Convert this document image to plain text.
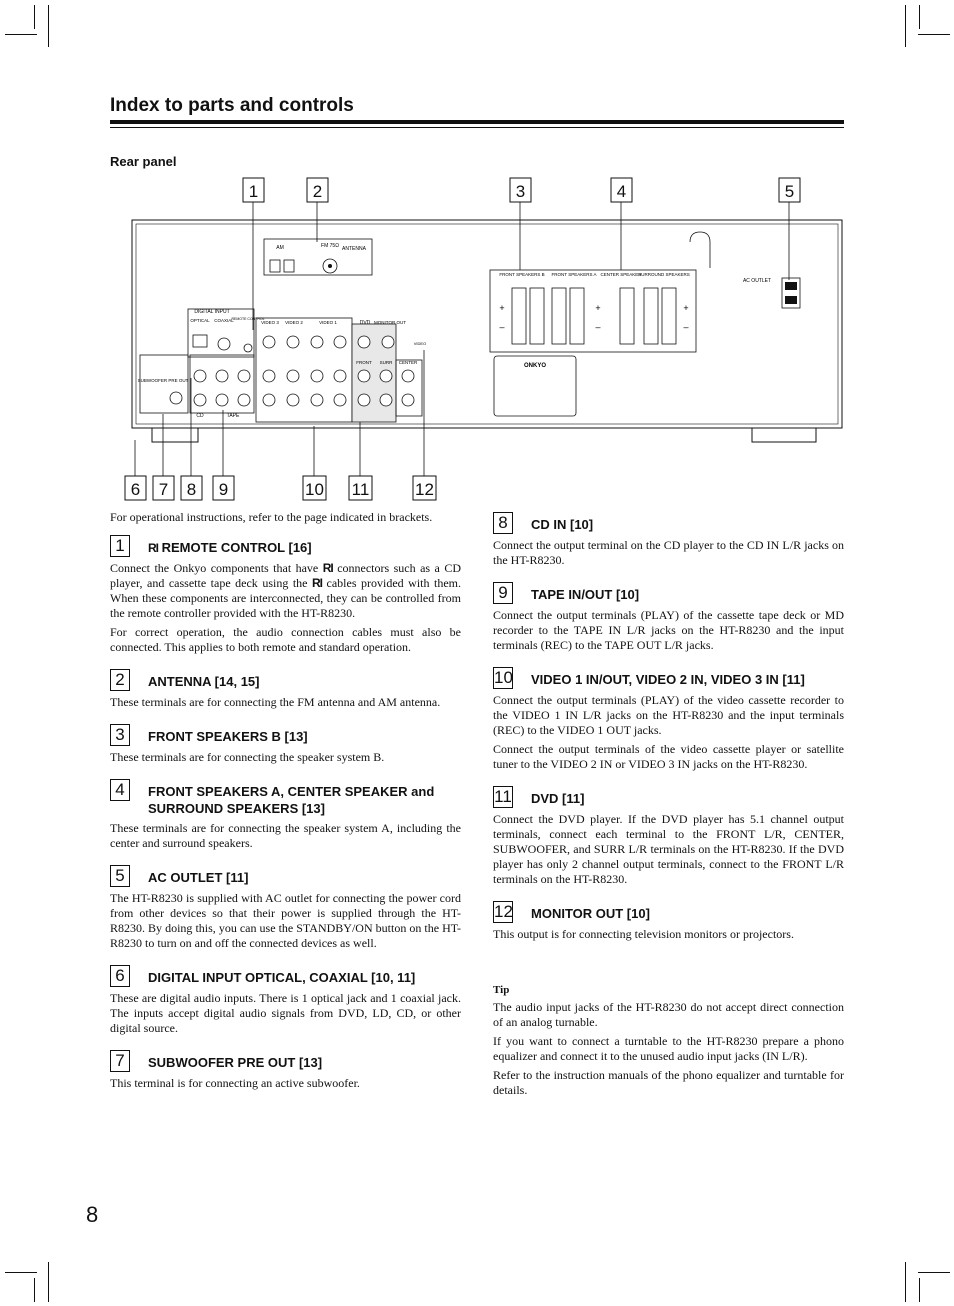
Index to parts and controls
Rear panel
1	2	3	4	5
6 7 8 9	10 11	12
AM	FM 75Ω ANTENNA
DIGITAL INPUT
OPTICAL COAXIAL
REMOTE CONTROL
SUBWOOFER PRE OUT
CD	TAPE
VIDEO 3 VIDEO 2	VIDEO 1	DVD MONITOR OUT
VIDEO
FRONT SURR CENTER
FRONT SPEAKERS B FRONT SPEAKERS A CENTER SPEAKER
SURROUND SPEAKERS
+
–
+
–
+
–
ONKYO
AC OUTLET

For operational instructions, refer to the page indicated in brackets.

1 RI REMOTE CONTROL [16]

Connect the Onkyo components that have RI connectors such as a CD player, and cassette tape deck using the RI cables provided with them. When these components are interconnected, they can be controlled from the remote controller provided with the HT-R8230.

For correct operation, the audio connection cables must also be connected. This applies to both remote and standard operation.

2 ANTENNA [14, 15]

These terminals are for connecting the FM antenna and AM antenna.

3 FRONT SPEAKERS B [13]

These terminals are for connecting the speaker system B.

4 FRONT SPEAKERS A, CENTER SPEAKER and SURROUND SPEAKERS [13]

These terminals are for connecting the speaker system A, including the center and surround speakers.

5 AC OUTLET [11]

The HT-R8230 is supplied with AC outlet for connecting the power cord from other devices so that their power is supplied through the HT-R8230. By doing this, you can use the STANDBY/ON button on the HT-R8230 to turn on and off the connected devices as well.

6 DIGITAL INPUT OPTICAL, COAXIAL [10, 11]

These are digital audio inputs. There is 1 optical jack and 1 coaxial jack. The inputs accept digital audio signals from DVD, LD, CD, or other digital source.

7 SUBWOOFER PRE OUT [13]

This terminal is for connecting an active subwoofer.

8 CD IN [10]

Connect the output terminal on the CD player to the CD IN L/R jacks on the HT-R8230.

9 TAPE IN/OUT [10]

Connect the output terminals (PLAY) of the cassette tape deck or MD recorder to the TAPE IN L/R jacks on the HT-R8230 and the input terminals (REC) to the TAPE OUT L/R jacks.

10 VIDEO 1 IN/OUT, VIDEO 2 IN, VIDEO 3 IN [11]

Connect the output terminals (PLAY) of the video cassette recorder to the VIDEO 1 IN L/R jacks on the HT-R8230 and the input terminals (REC) to the VIDEO 1 OUT jacks.

Connect the output terminals of the video cassette player or satellite tuner to the VIDEO 2 IN or VIDEO 3 IN jacks on the HT-R8230.

11 DVD [11]

Connect the DVD player. If the DVD player has 5.1 channel output terminals, connect each terminal to the FRONT L/R, CENTER, SUBWOOFER, and SURR L/R terminals on the HT-R8230. If the DVD player has only 2 channel output terminals, connect to the FRONT L/R terminals on the HT-R8230.

12 MONITOR OUT [10]

This output is for connecting television monitors or projectors.

Tip

The audio input jacks of the HT-R8230 do not accept direct connection of an analog turnable.

If you want to connect a turntable to the HT-R8230 prepare a phono equalizer and connect it to the unused audio input jacks (IN L/R).

Refer to the instruction manuals of the phono equalizer and turntable for details.

8
